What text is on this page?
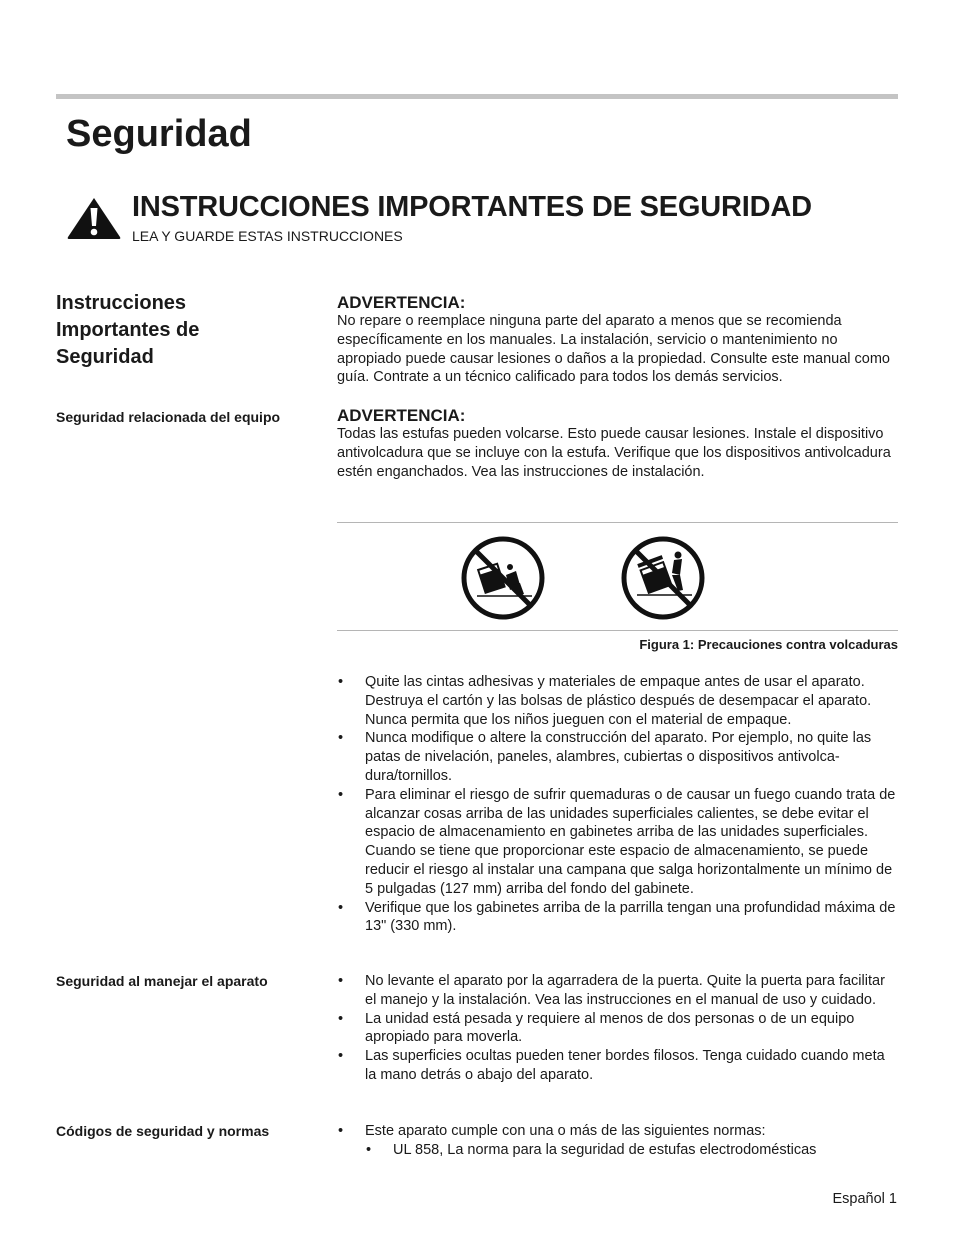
Seguridad
INSTRUCCIONES IMPORTANTES DE SEGURIDAD
LEA Y GUARDE ESTAS INSTRUCCIONES
Instrucciones Importantes de Seguridad
Seguridad relacionada del equipo
Seguridad al manejar el aparato
Códigos de seguridad y normas
ADVERTENCIA:

No repare o reemplace ninguna parte del aparato a menos que se recomienda específicamente en los manuales. La instalación, servicio o mantenimiento no apropiado puede causar lesiones o daños a la propiedad. Consulte este manual como guía. Contrate a un técnico calificado para todos los demás servicios.

ADVERTENCIA:

Todas las estufas pueden volcarse. Esto puede causar lesiones. Instale el dispositivo antivolcadura que se incluye con la estufa. Verifique que los dispositivos antivolcadura estén enganchados. Vea las instrucciones de instalación.

Figura 1: Precauciones contra volcaduras
• Quite las cintas adhesivas y materiales de empaque antes de usar el aparato. Destruya el cartón y las bolsas de plástico después de desempacar el aparato. Nunca permita que los niños jueguen con el material de empaque.
• Nunca modifique o altere la construcción del aparato. Por ejemplo, no quite las patas de nivelación, paneles, alambres, cubiertas o dispositivos antivolca-dura/tornillos.
• Para eliminar el riesgo de sufrir quemaduras o de causar un fuego cuando trata de alcanzar cosas arriba de las unidades superficiales calientes, se debe evitar el espacio de almacenamiento en gabinetes arriba de las unidades superficiales. Cuando se tiene que proporcionar este espacio de almacenamiento, se puede reducir el riesgo al instalar una campana que salga horizontalmente un mínimo de 5 pulgadas (127 mm) arriba del fondo del gabinete.
• Verifique que los gabinetes arriba de la parrilla tengan una profundidad máxima de 13" (330 mm).
• No levante el aparato por la agarradera de la puerta. Quite la puerta para facilitar el manejo y la instalación. Vea las instrucciones en el manual de uso y cuidado.
• La unidad está pesada y requiere al menos de dos personas o de un equipo apropiado para moverla.
• Las superficies ocultas pueden tener bordes filosos. Tenga cuidado cuando meta la mano detrás o abajo del aparato.
• Este aparato cumple con una o más de las siguientes normas:
• UL 858, La norma para la seguridad de estufas electrodomésticas
Español 1
